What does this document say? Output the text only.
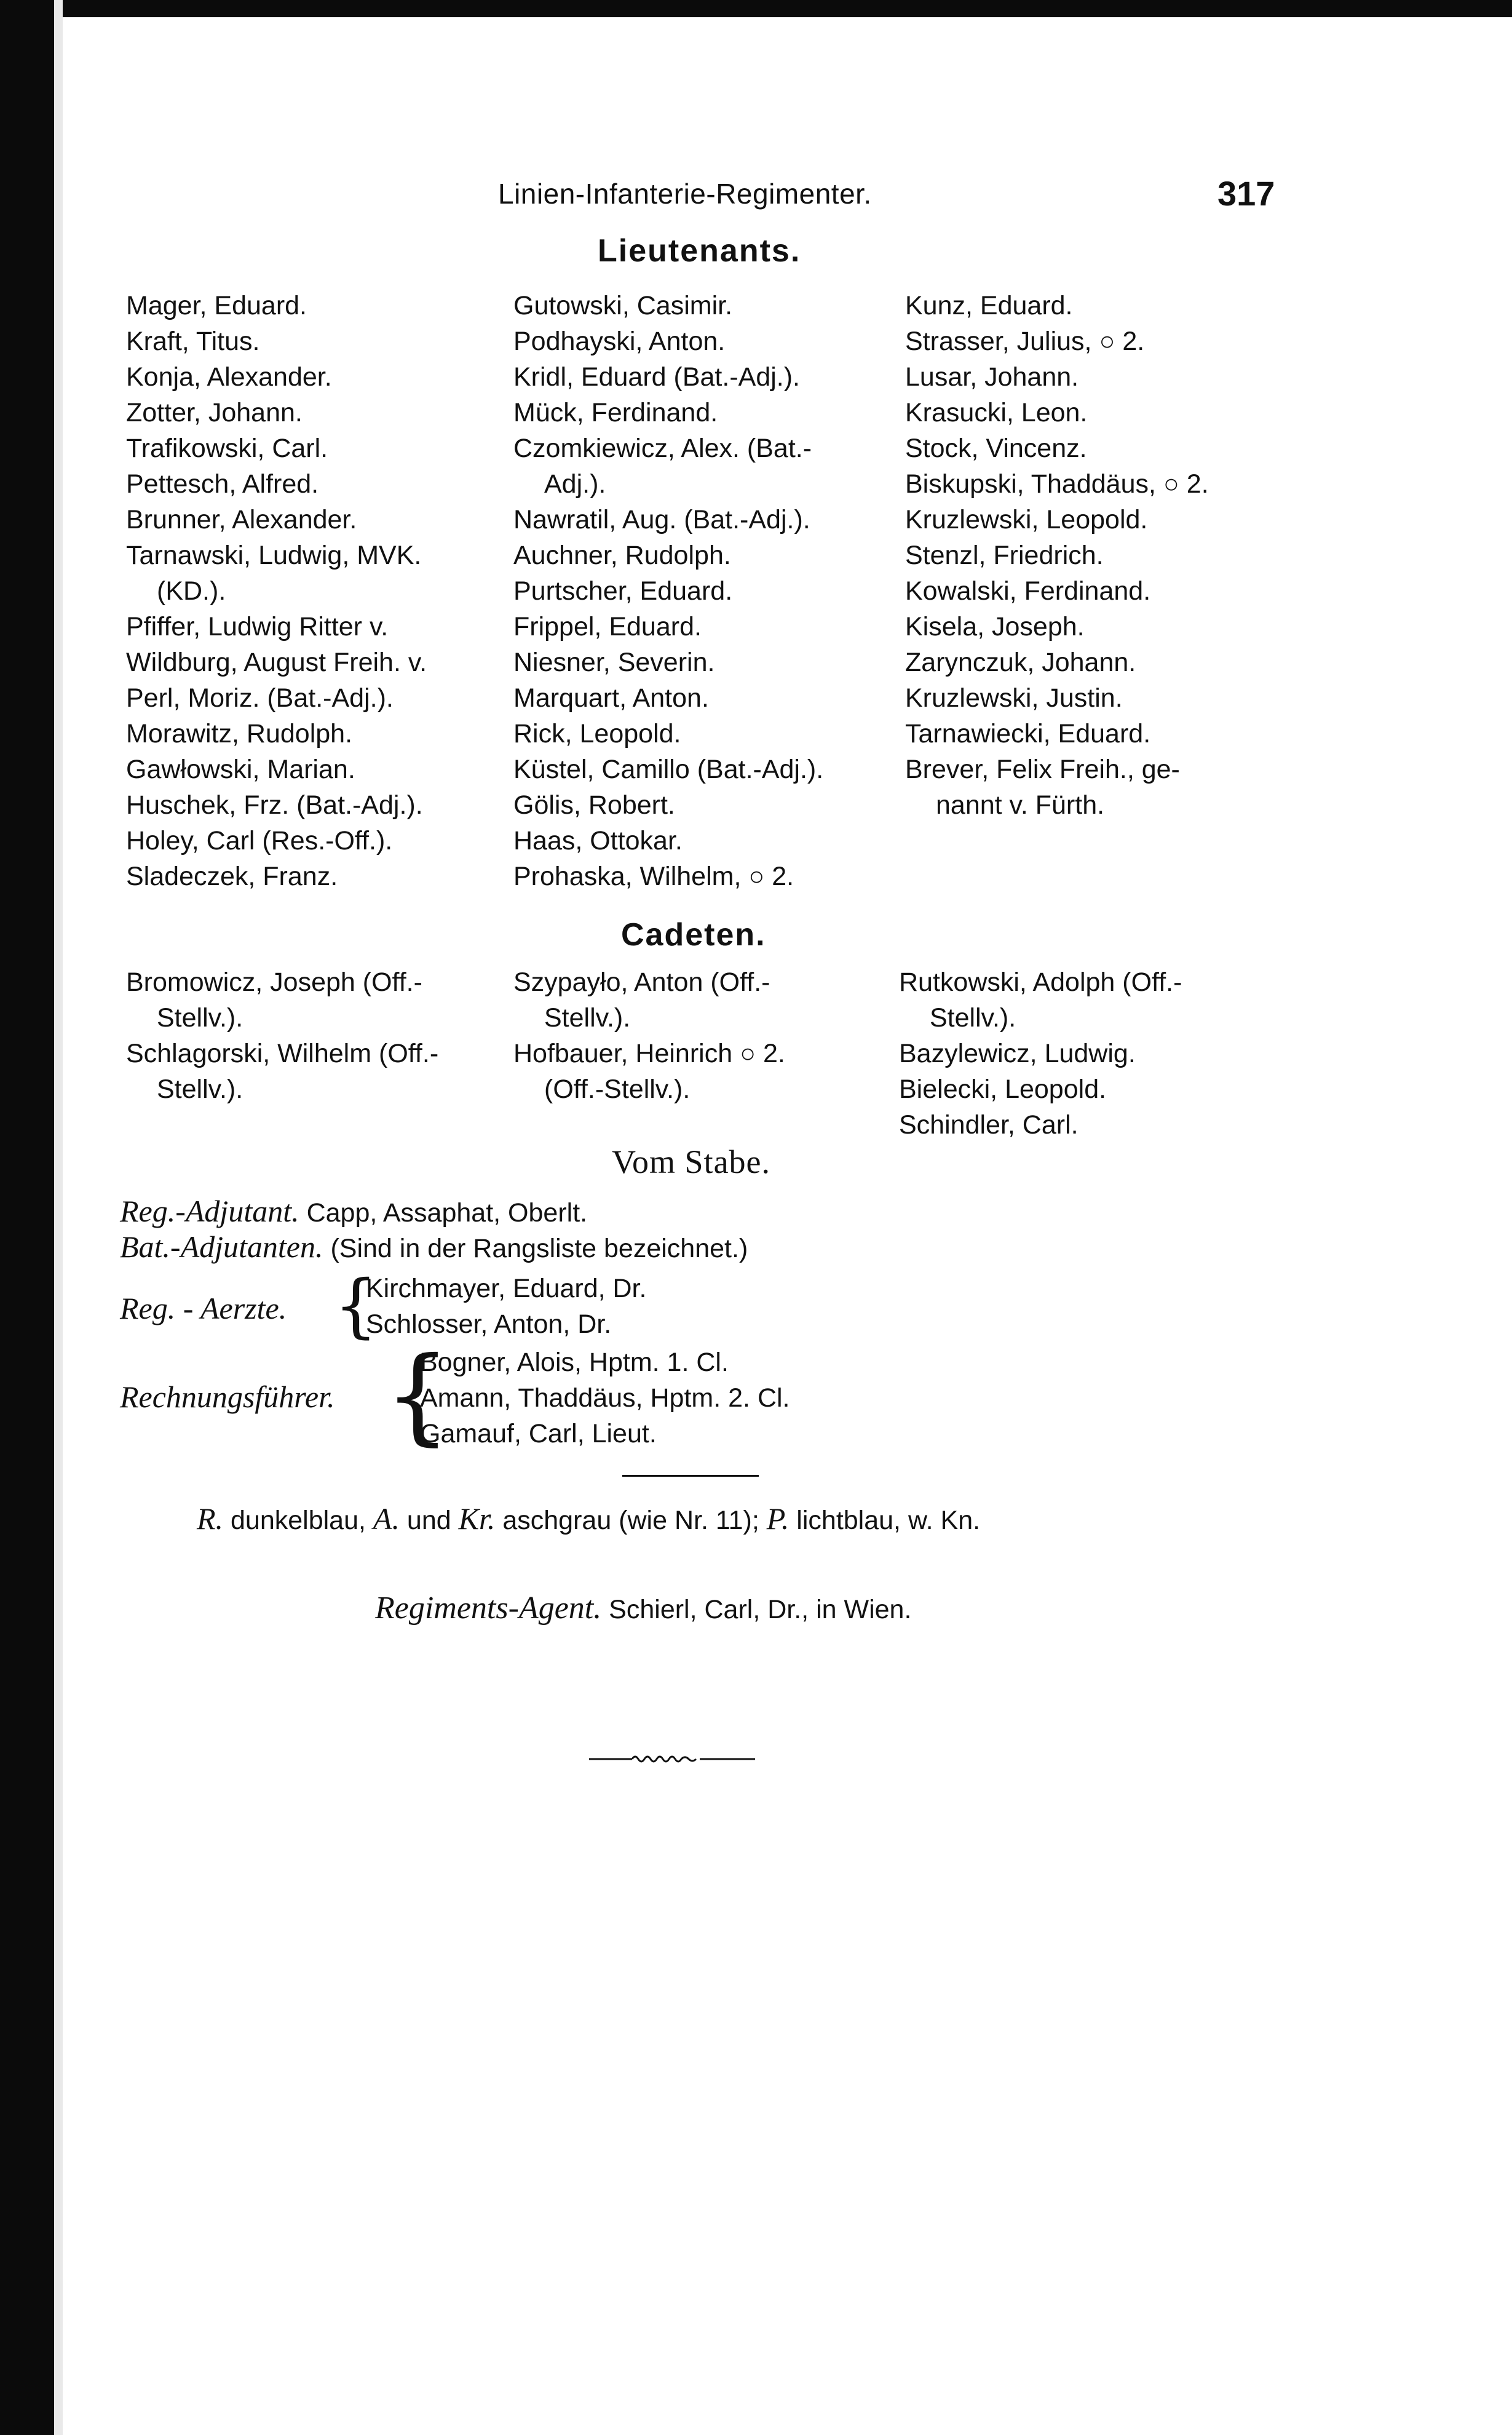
Linien-Infanterie-Regimenter.	317
Lieutenants.
Mager, Eduard.
Kraft, Titus.
Konja, Alexander.
Zotter, Johann.
Trafikowski, Carl.
Pettesch, Alfred.
Brunner, Alexander.
Tarnawski, Ludwig, MVK.
(KD.).
Pfiffer, Ludwig Ritter v.
Wildburg, August Freih. v.
Perl, Moriz. (Bat.-Adj.).
Morawitz, Rudolph.
Gawłowski, Marian.
Huschek, Frz. (Bat.-Adj.).
Holey, Carl (Res.-Off.).
Sladeczek, Franz.
Gutowski, Casimir.
Podhayski, Anton.
Kridl, Eduard (Bat.-Adj.).
Mück, Ferdinand.
Czomkiewicz, Alex. (Bat.-
Adj.).
Nawratil, Aug. (Bat.-Adj.).
Auchner, Rudolph.
Purtscher, Eduard.
Frippel, Eduard.
Niesner, Severin.
Marquart, Anton.
Rick, Leopold.
Küstel, Camillo (Bat.-Adj.).
Gölis, Robert.
Haas, Ottokar.
Prohaska, Wilhelm, ○ 2.
Kunz, Eduard.
Strasser, Julius, ○ 2.
Lusar, Johann.
Krasucki, Leon.
Stock, Vincenz.
Biskupski, Thaddäus, ○ 2.
Kruzlewski, Leopold.
Stenzl, Friedrich.
Kowalski, Ferdinand.
Kisela, Joseph.
Zarynczuk, Johann.
Kruzlewski, Justin.
Tarnawiecki, Eduard.
Brever, Felix Freih., ge-
nannt v. Fürth.
Cadeten.
Bromowicz, Joseph (Off.-
Stellv.).
Schlagorski, Wilhelm (Off.-
Stellv.).
Szypayło, Anton (Off.-
Stellv.).
Hofbauer, Heinrich ○ 2.
(Off.-Stellv.).
Rutkowski, Adolph (Off.-
Stellv.).
Bazylewicz, Ludwig.
Bielecki, Leopold.
Schindler, Carl.
Vom Stabe.
Reg.-Adjutant. Capp, Assaphat, Oberlt.
Bat.-Adjutanten. (Sind in der Rangsliste bezeichnet.)
Reg. - Aerzte. {
Kirchmayer, Eduard, Dr.
Schlosser, Anton, Dr.
Rechnungsführer. {
Bogner, Alois, Hptm. 1. Cl.
Amann, Thaddäus, Hptm. 2. Cl.
Gamauf, Carl, Lieut.
R. dunkelblau, A. und Kr. aschgrau (wie Nr. 11); P. lichtblau, w. Kn.
Regiments-Agent. Schierl, Carl, Dr., in Wien.
